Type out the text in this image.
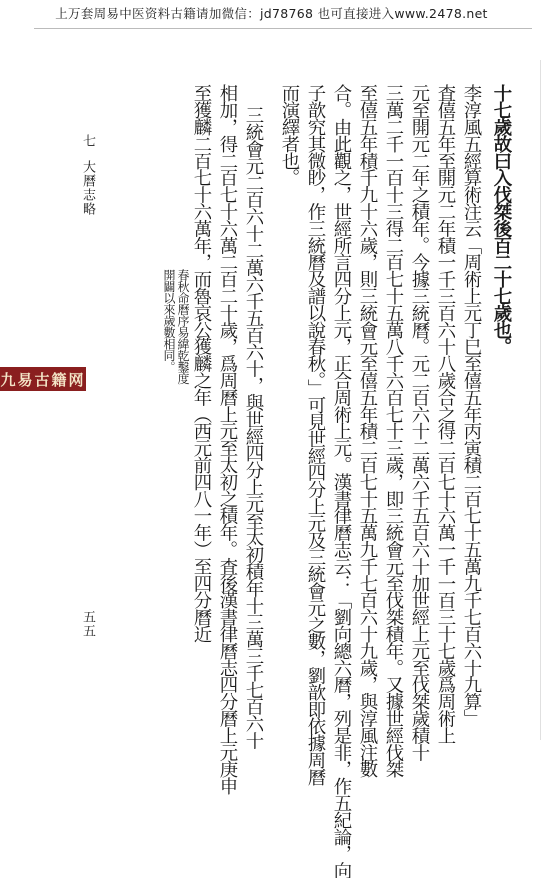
上万套周易中医资料古籍请加微信：jd78768 也可直接进入www.2478.net
九易古籍网
十七歲故曰入伐桀後百二十七歲也。
李淳風五經算術注云「周術上元丁巳至僖五年丙寅積二百七十五萬九千七百六十九算」
査僖五年至開元二年積一千三百六十八歲合之得二百七十六萬一千一百三十七歲爲周術上
元至開元二年之積年。今據三統曆。元二百六十二萬六千五百六十加世經上元至伐桀歲積十
三萬二千一百十三得二百七十五萬八千六百七十三歲，即三統會元至伐桀積年。又據世經伐桀
至僖五年積千九十六歲，則三統會元至僖五年積二百七十五萬九千七百六十九歲，與淳風注數
合。由此觀之，世經所言四分上元，正合周術上元。漢書律曆志云：「劉向總六曆，列是非，作五紀論，向
子歆究其微眇，作三統曆及譜以說春秋。」可見世經四分上元及三統會元之數，劉歆即依據周曆
而演繹者也。
三統會元二百六十二萬六千五百六十，與世經四分上元至太初積年十三萬三千七百六十
相加，得二百七十六萬二百二十歲，爲周曆上元至太初之積年。査後漢書律曆志四分曆上元庚申
至獲麟二百七十六萬年，而魯哀公獲麟之年（西元前四八一年）至四分曆近
春秋命曆序易緯乾鑿度
開闢以來歲數相同。
七
大曆志略
五五
